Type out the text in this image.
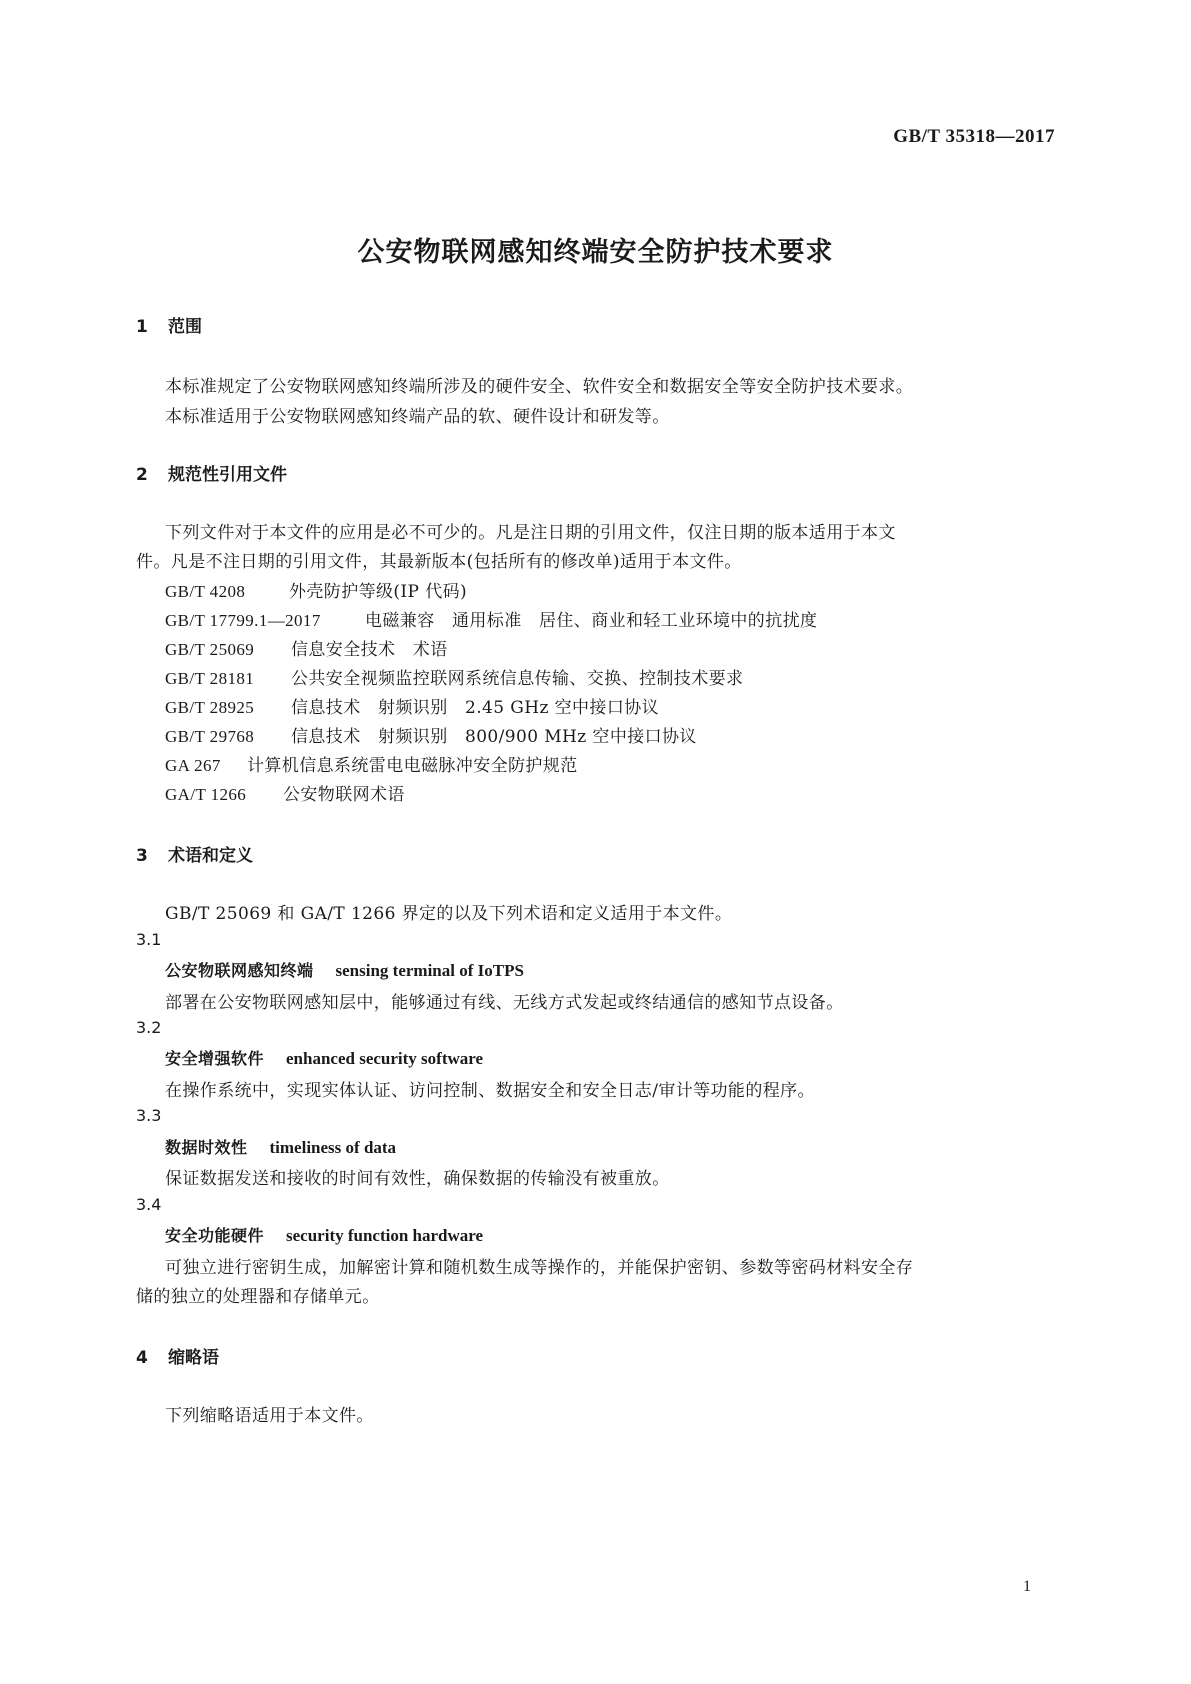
GB/T 35318—2017
公安物联网感知终端安全防护技术要求
1 范围
本标准规定了公安物联网感知终端所涉及的硬件安全、软件安全和数据安全等安全防护技术要求。
本标准适用于公安物联网感知终端产品的软、硬件设计和研发等。
2 规范性引用文件
下列文件对于本文件的应用是必不可少的。凡是注日期的引用文件，仅注日期的版本适用于本文
件。凡是不注日期的引用文件，其最新版本(包括所有的修改单)适用于本文件。
GB/T 4208	外壳防护等级(IP 代码)
GB/T 17799.1—2017	电磁兼容　通用标准　居住、商业和轻工业环境中的抗扰度
GB/T 25069 信息安全技术　术语
GB/T 28181 公共安全视频监控联网系统信息传输、交换、控制技术要求
GB/T 28925 信息技术　射频识别　2.45 GHz 空中接口协议
GB/T 29768 信息技术　射频识别　800/900 MHz 空中接口协议
GA 267 计算机信息系统雷电电磁脉冲安全防护规范
GA/T 1266 公安物联网术语
3 术语和定义
GB/T 25069 和 GA/T 1266 界定的以及下列术语和定义适用于本文件。
3.1
公安物联网感知终端 sensing terminal of IoTPS
部署在公安物联网感知层中，能够通过有线、无线方式发起或终结通信的感知节点设备。
3.2
安全增强软件 enhanced security software
在操作系统中，实现实体认证、访问控制、数据安全和安全日志/审计等功能的程序。
3.3
数据时效性 timeliness of data
保证数据发送和接收的时间有效性，确保数据的传输没有被重放。
3.4
安全功能硬件 security function hardware
可独立进行密钥生成，加解密计算和随机数生成等操作的，并能保护密钥、参数等密码材料安全存
储的独立的处理器和存储单元。
4 缩略语
下列缩略语适用于本文件。
1
